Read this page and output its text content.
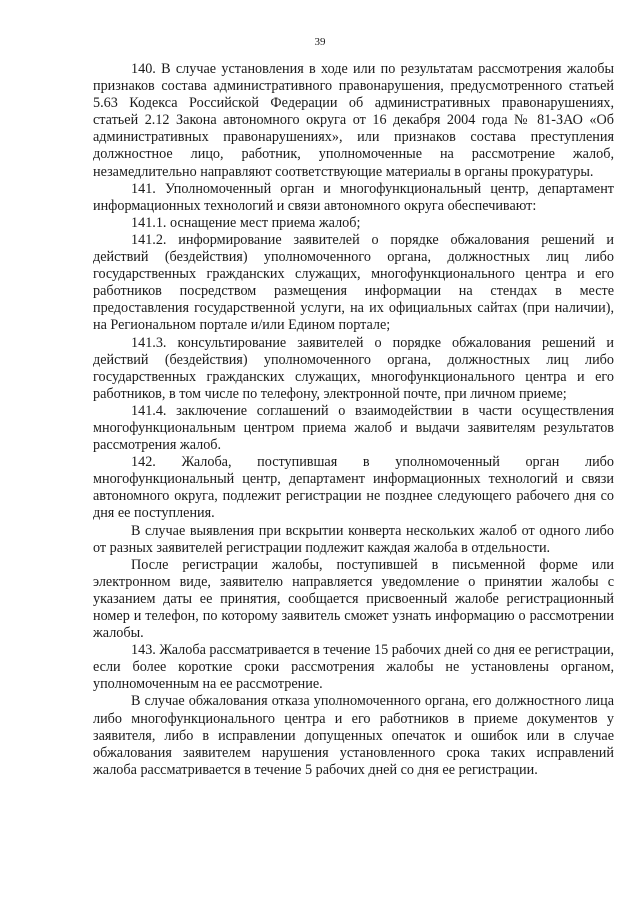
39

140. В случае установления в ходе или по результатам рассмотрения жалобы признаков состава административного правонарушения, предусмотренного статьей 5.63 Кодекса Российской Федерации об административных правонарушениях, статьей 2.12 Закона автономного округа от 16 декабря 2004 года № 81-ЗАО «Об административных правонарушениях», или признаков состава преступления должностное лицо, работник, уполномоченные на рассмотрение жалоб, незамедлительно направляют соответствующие материалы в органы прокуратуры.

141. Уполномоченный орган и многофункциональный центр, департамент информационных технологий и связи автономного округа обеспечивают:

141.1. оснащение мест приема жалоб;

141.2. информирование заявителей о порядке обжалования решений и действий (бездействия) уполномоченного органа, должностных лиц либо государственных гражданских служащих, многофункционального центра и его работников посредством размещения информации на стендах в месте предоставления государственной услуги, на их официальных сайтах (при наличии), на Региональном портале и/или Едином портале;

141.3. консультирование заявителей о порядке обжалования решений и действий (бездействия) уполномоченного органа, должностных лиц либо государственных гражданских служащих, многофункционального центра и его работников, в том числе по телефону, электронной почте, при личном приеме;

141.4. заключение соглашений о взаимодействии в части осуществления многофункциональным центром приема жалоб и выдачи заявителям результатов рассмотрения жалоб.

142. Жалоба, поступившая в уполномоченный орган либо многофункциональный центр, департамент информационных технологий и связи автономного округа, подлежит регистрации не позднее следующего рабочего дня со дня ее поступления.

В случае выявления при вскрытии конверта нескольких жалоб от одного либо от разных заявителей регистрации подлежит каждая жалоба в отдельности.

После регистрации жалобы, поступившей в письменной форме или электронном виде, заявителю направляется уведомление о принятии жалобы с указанием даты ее принятия, сообщается присвоенный жалобе регистрационный номер и телефон, по которому заявитель сможет узнать информацию о рассмотрении жалобы.

143. Жалоба рассматривается в течение 15 рабочих дней со дня ее регистрации, если более короткие сроки рассмотрения жалобы не установлены органом, уполномоченным на ее рассмотрение.

В случае обжалования отказа уполномоченного органа, его должностного лица либо многофункционального центра и его работников в приеме документов у заявителя, либо в исправлении допущенных опечаток и ошибок или в случае обжалования заявителем нарушения установленного срока таких исправлений жалоба рассматривается в течение 5 рабочих дней со дня ее регистрации.
